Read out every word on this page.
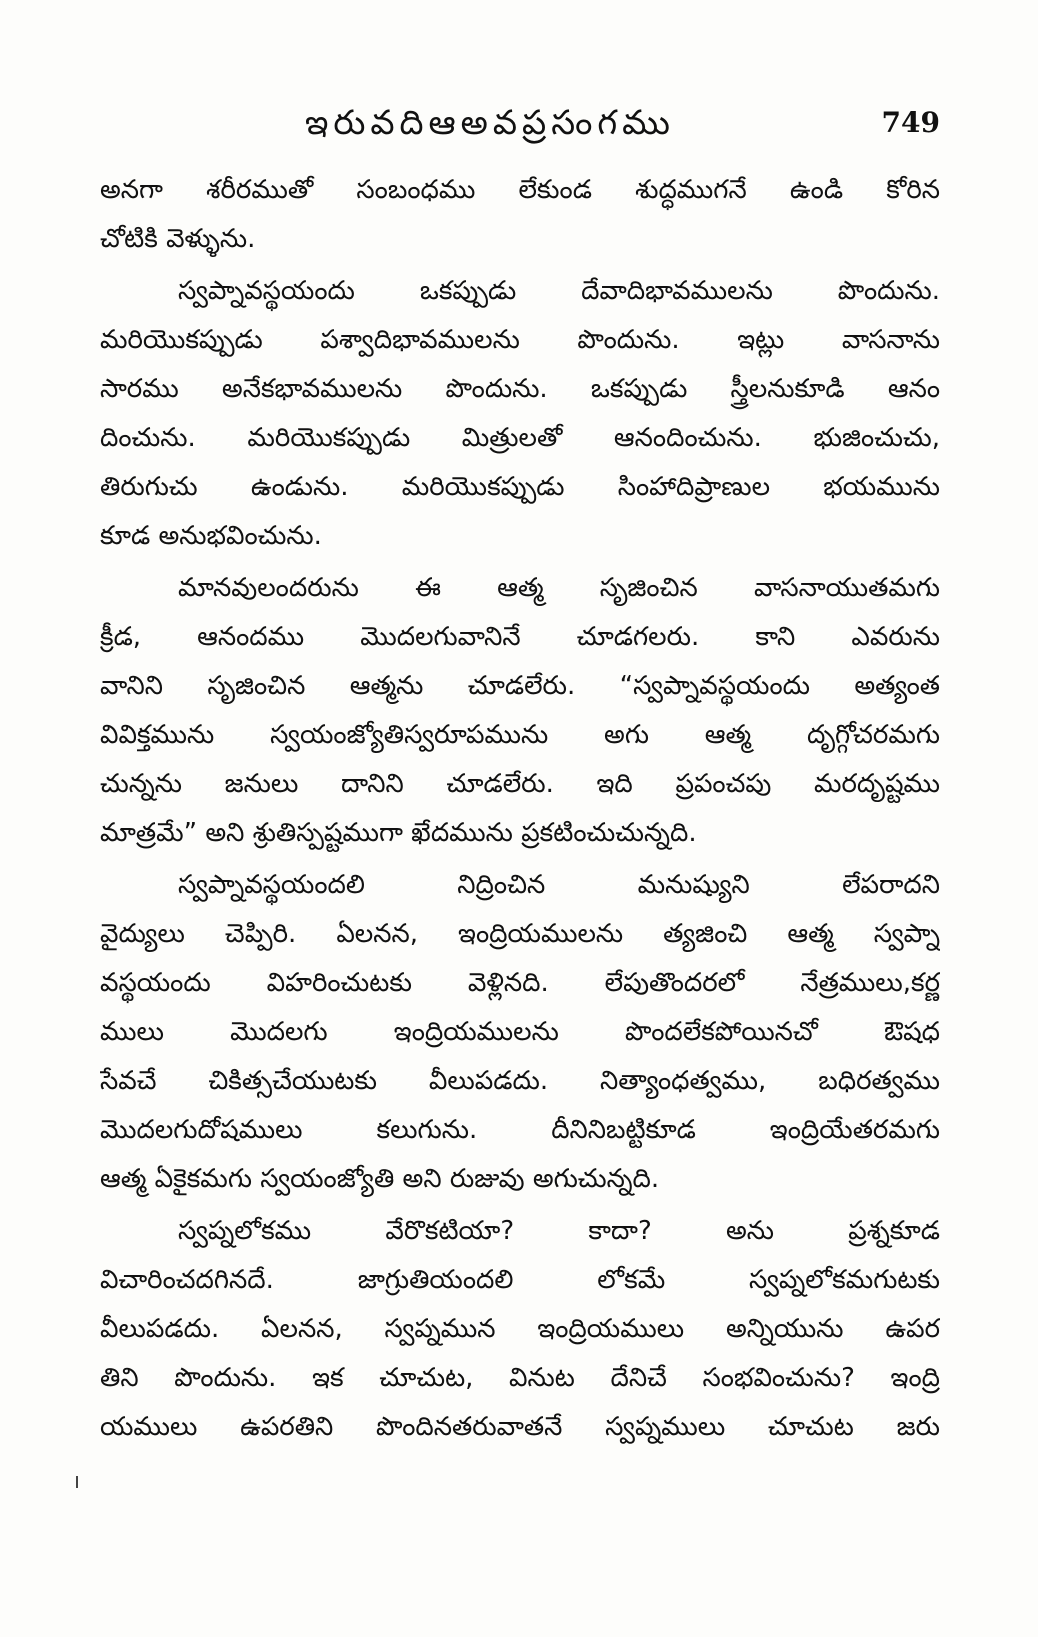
ఇరువదిఆఅవప్రసంగము	749

అనగా శరీరముతో సంబంధము లేకుండ శుద్ధముగనే ఉండి కోరిన
చోటికి వెళ్ళును.

స్వప్నావస్థయందు ఒకప్పుడు దేవాదిభావములను పొందును.
మరియొకప్పుడు పశ్వాదిభావములను పొందును. ఇట్లు వాసనాను
సారము అనేకభావములను పొందును. ఒకప్పుడు స్త్రీలనుకూడి ఆనం
దించును. మరియొకప్పుడు మిత్రులతో ఆనందించును. భుజించుచు,
తిరుగుచు ఉండును. మరియొకప్పుడు సింహాదిప్రాణుల భయమును
కూడ అనుభవించును.

మానవులందరును ఈ ఆత్మ సృజించిన వాసనాయుతమగు
క్రీడ, ఆనందము మొదలగువానినే చూడగలరు. కాని ఎవరును
వానిని సృజించిన ఆత్మను చూడలేరు. “స్వప్నావస్థయందు అత్యంత
వివిక్తమును స్వయంజ్యోతిస్వరూపమును అగు ఆత్మ దృగ్గోచరమగు
చున్నను జనులు దానిని చూడలేరు. ఇది ప్రపంచపు మరదృష్టము
మాత్రమే” అని శ్రుతిస్పష్టముగా ఖేదమును ప్రకటించుచున్నది.

స్వప్నావస్థయందలి నిద్రించిన మనుష్యుని లేపరాదని
వైద్యులు చెప్పిరి. ఏలనన, ఇంద్రియములను త్యజించి ఆత్మ స్వప్నా
వస్థయందు విహరించుటకు వెళ్లినది. లేపుతొందరలో నేత్రములు,కర్ణ
ములు మొదలగు ఇంద్రియములను పొందలేకపోయినచో ఔషధ
సేవచే చికిత్సచేయుటకు వీలుపడదు. నిత్యాంధత్వము, బధిరత్వము
మొదలగుదోషములు కలుగును. దీనినిబట్టికూడ ఇంద్రియేతరమగు
ఆత్మ ఏకైకమగు స్వయంజ్యోతి అని రుజువు అగుచున్నది.

స్వప్నలోకము వేరొకటియా? కాదా? అను ప్రశ్నకూడ
విచారించదగినదే. జాగ్రుతియందలి లోకమే స్వప్నలోకమగుటకు
వీలుపడదు. ఏలనన, స్వప్నమున ఇంద్రియములు అన్నియును ఉపర
తిని పొందును. ఇక చూచుట, వినుట దేనిచే సంభవించును? ఇంద్రి
యములు ఉపరతిని పొందినతరువాతనే స్వప్నములు చూచుట జరు
